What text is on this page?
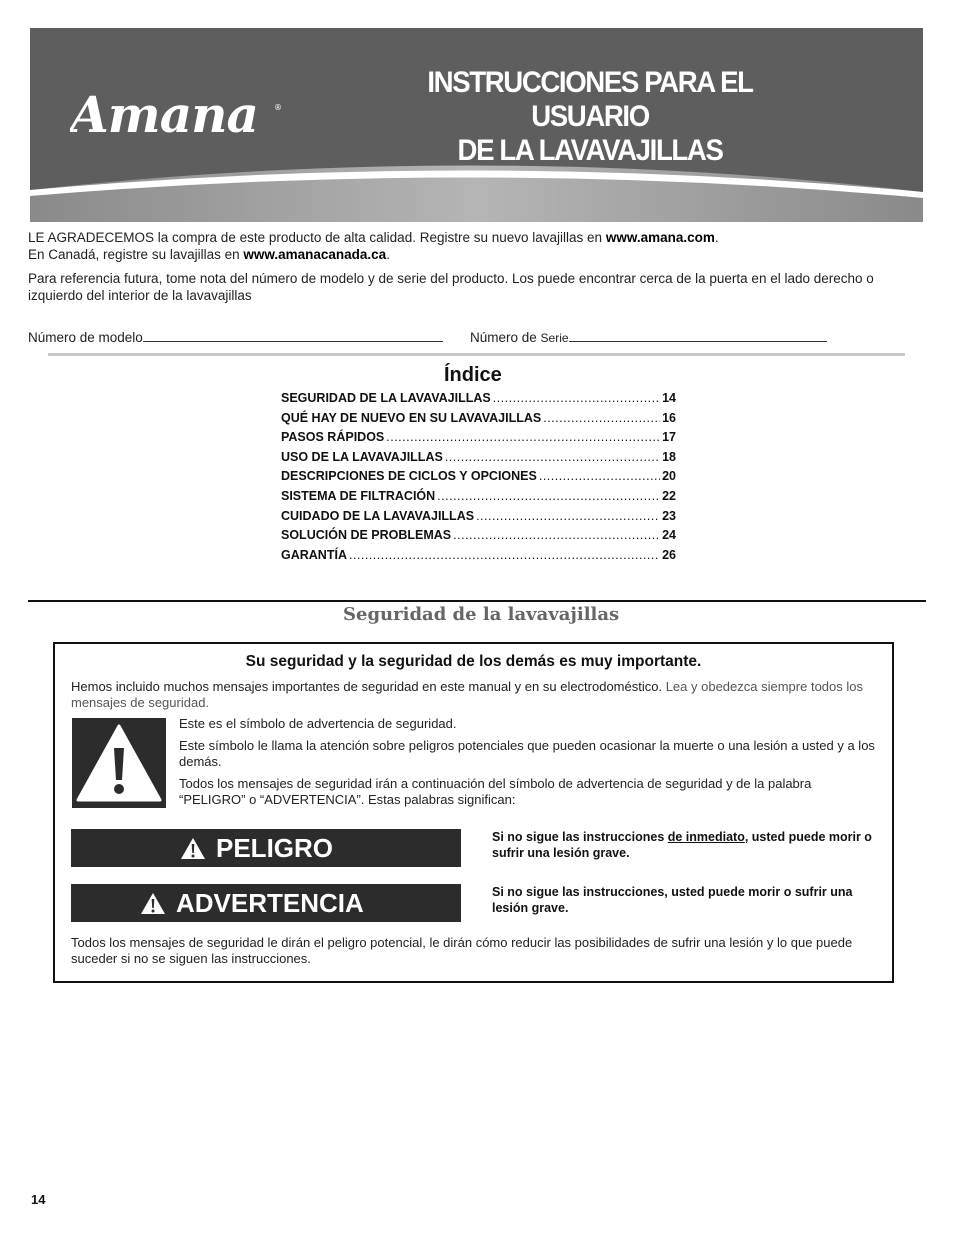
Amana ®
INSTRUCCIONES PARA EL USUARIO
DE LA LAVAVAJILLAS

LE AGRADECEMOS la compra de este producto de alta calidad. Registre su nuevo lavajillas en www.amana.com.
En Canadá, registre su lavajillas en www.amanacanada.ca.

Para referencia futura, tome nota del número de modelo y de serie del producto. Los puede encontrar cerca de la puerta en el lado derecho o izquierdo del interior de la lavavajillas

Número de modelo	Número de Serie
Índice
SEGURIDAD DE LA LAVAVAJILLAS .....	14
QUÉ HAY DE NUEVO EN SU LAVAVAJILLAS .....	16
PASOS RÁPIDOS .....	17
USO DE LA LAVAVAJILLAS .....	18
DESCRIPCIONES DE CICLOS Y OPCIONES .....	20
SISTEMA DE FILTRACIÓN .....	22
CUIDADO DE LA LAVAVAJILLAS .....	23
SOLUCIÓN DE PROBLEMAS .....	24
GARANTÍA .....	26
Seguridad de la lavavajillas
Su seguridad y la seguridad de los demás es muy importante.
Hemos incluido muchos mensajes importantes de seguridad en este manual y en su electrodoméstico. Lea y obedezca siempre todos los mensajes de seguridad.

Este es el símbolo de advertencia de seguridad.

Este símbolo le llama la atención sobre peligros potenciales que pueden ocasionar la muerte o una lesión a usted y a los demás.

Todos los mensajes de seguridad irán a continuación del símbolo de advertencia de seguridad y de la palabra “PELIGRO” o “ADVERTENCIA”. Estas palabras significan:

PELIGRO	Si no sigue las instrucciones de inmediato, usted puede morir o sufrir una lesión grave.
ADVERTENCIA	Si no sigue las instrucciones, usted puede morir o sufrir una lesión grave.
Todos los mensajes de seguridad le dirán el peligro potencial, le dirán cómo reducir las posibilidades de sufrir una lesión y lo que puede suceder si no se siguen las instrucciones.
14
